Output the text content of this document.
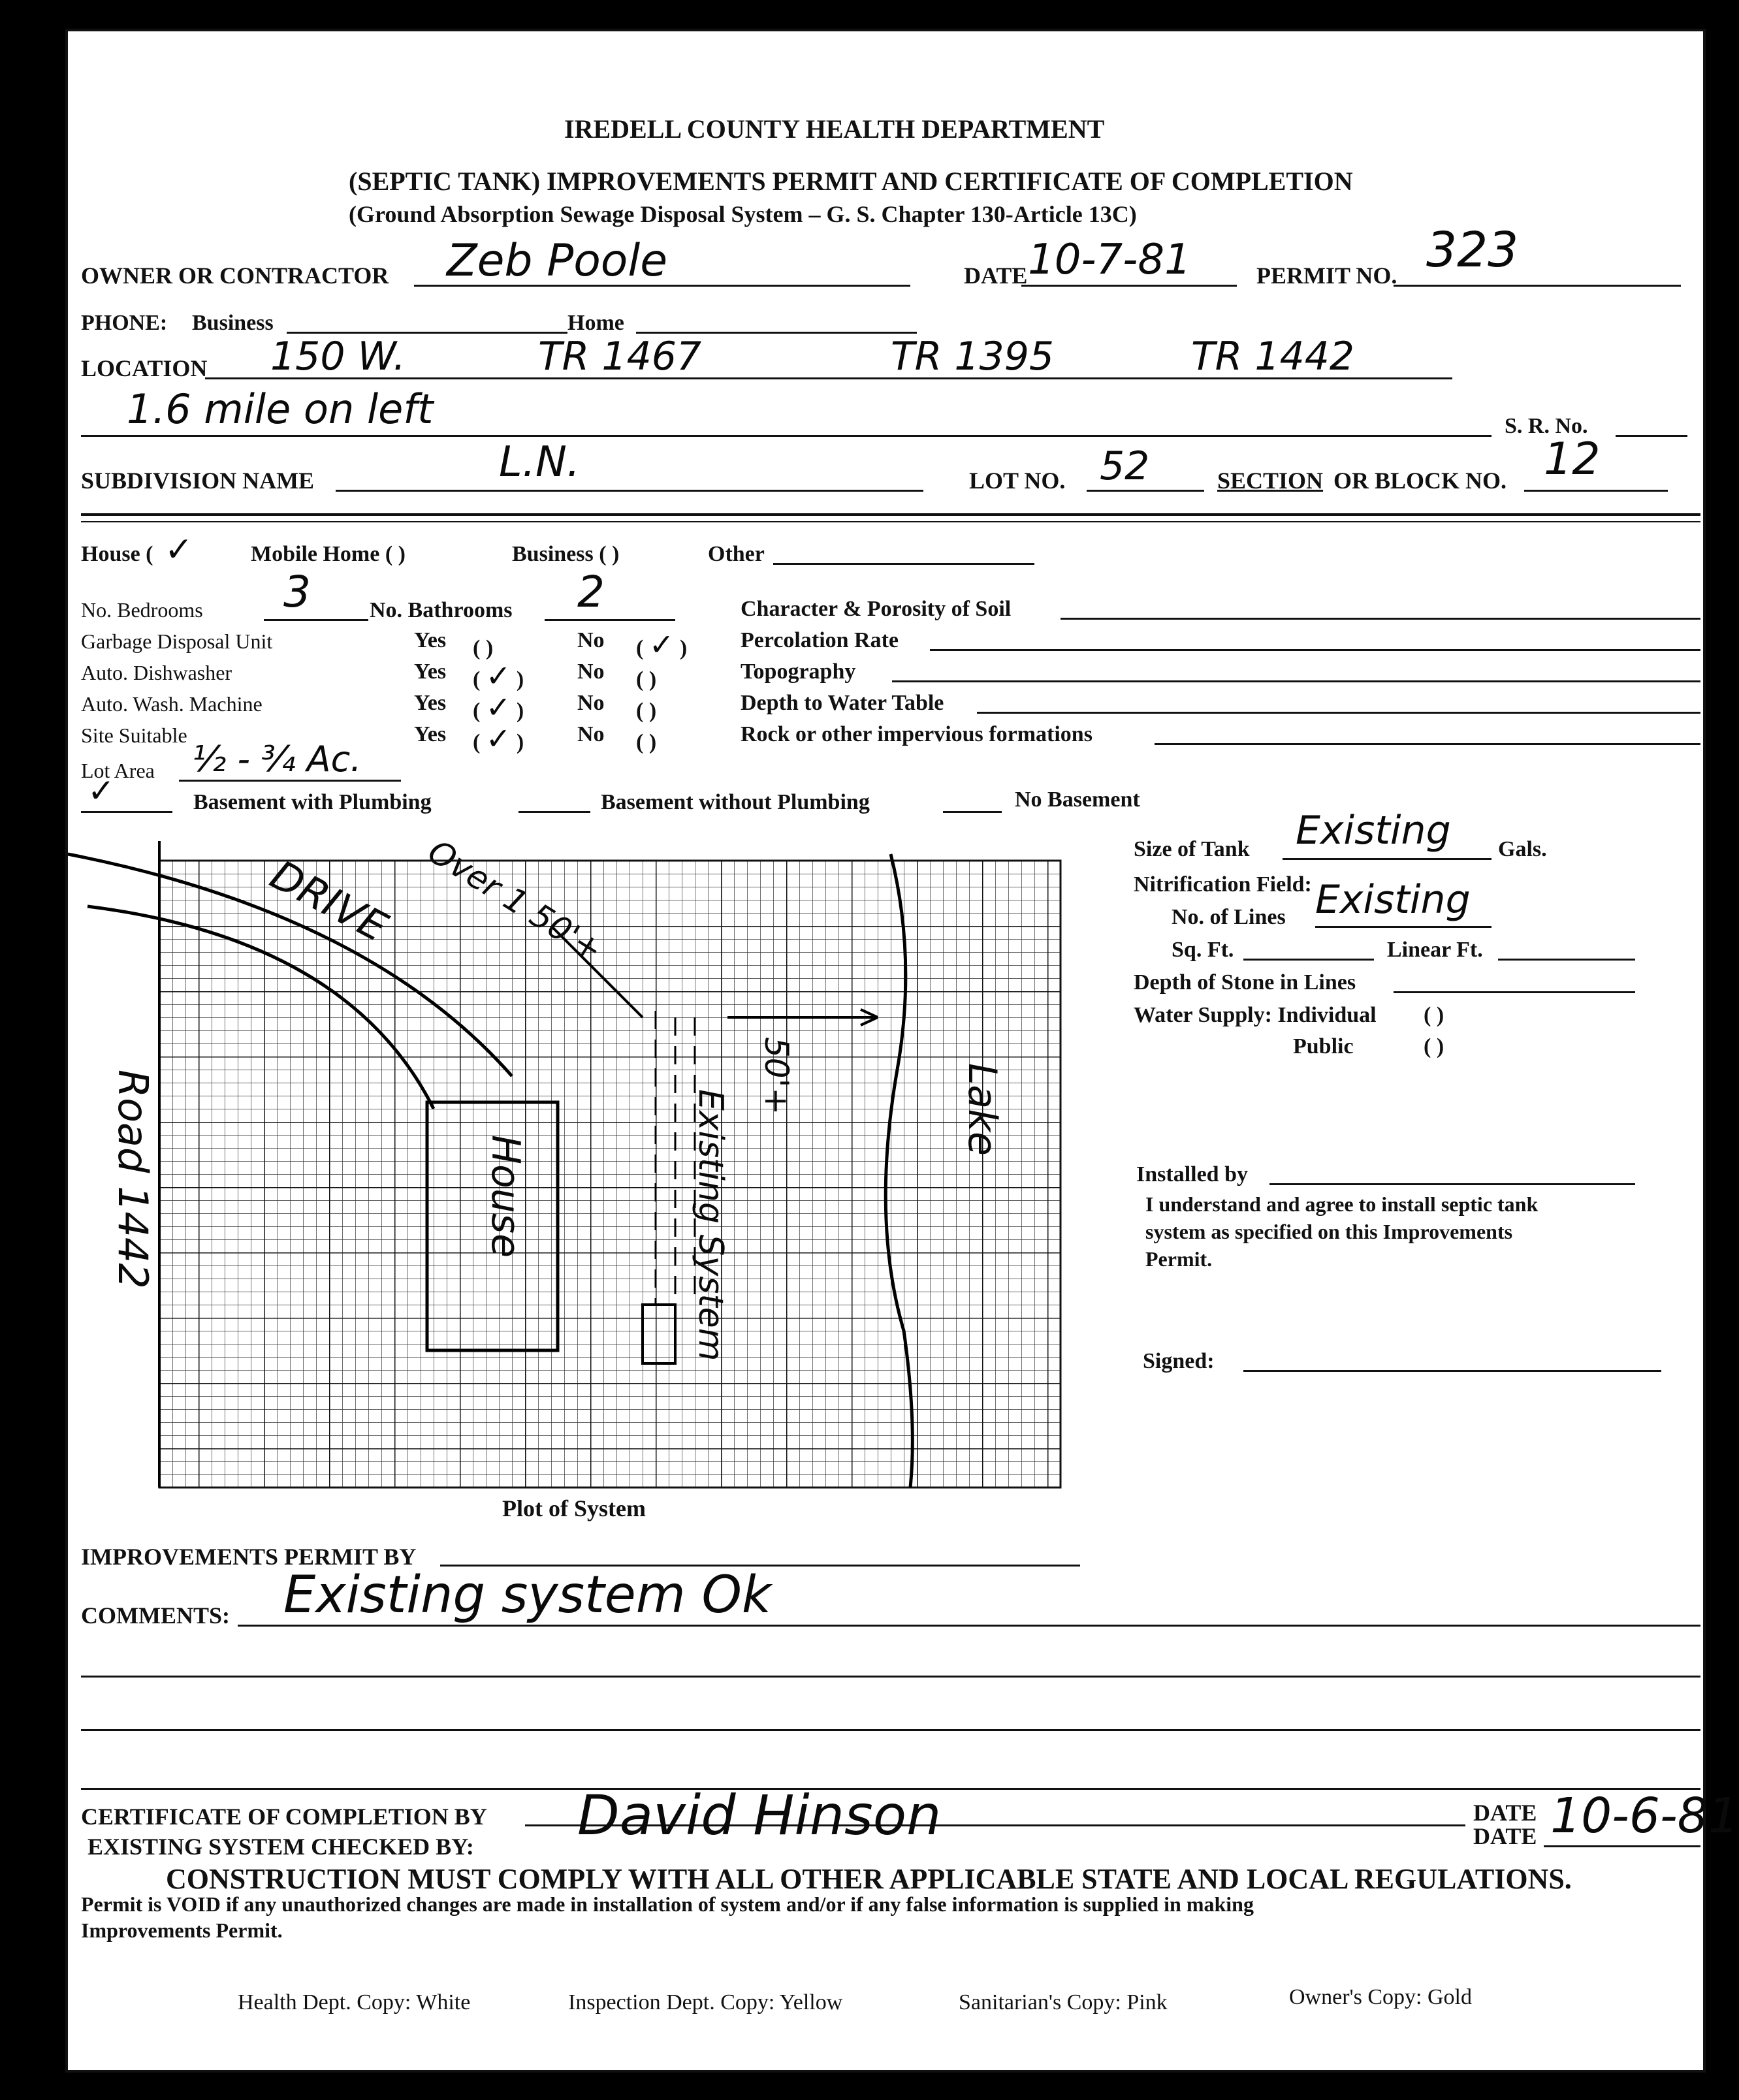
IREDELL COUNTY HEALTH DEPARTMENT
(SEPTIC TANK) IMPROVEMENTS PERMIT AND CERTIFICATE OF COMPLETION
(Ground Absorption Sewage Disposal System – G. S. Chapter 130-Article 13C)
OWNER OR CONTRACTOR Zeb Poole	DATE 10-7-81	PERMIT NO. 323
PHONE: Business	Home
LOCATION 150 W.	TR 1467	TR 1395	TR 1442
1.6 mile on left	S. R. No.
SUBDIVISION NAME	L.N.	LOT NO. 52	SECTION OR BLOCK NO. 12
House ( ✓	Mobile Home ( )	Business ( )	Other
No. Bedrooms 3	No. Bathrooms 2
Garbage Disposal Unit	Yes ( )	No ( ✓ )
Auto. Dishwasher	Yes ( ✓ ) No ( )
Auto. Wash. Machine	Yes ( ✓ ) No ( )
Site Suitable	Yes ( ✓ ) No ( )
Character & Porosity of Soil
Percolation Rate
Topography
Depth to Water Table
Rock or other impervious formations
Lot Area ½ - ¾ Ac.
✓	Basement with Plumbing	Basement without Plumbing	No Basement
DRIVE Over 1 50'+
50'+
House	Existing System	Lake
Road 1442
Plot of System
Size of Tank Existing Gals.
Nitrification Field:
No. of Lines Existing
Sq. Ft.	Linear Ft.
Depth of Stone in Lines
Water Supply: Individual ( )
Public	( )
Installed by
I understand and agree to install septic tank
system as specified on this Improvements
Permit.
Signed:
IMPROVEMENTS PERMIT BY
COMMENTS: Existing system Ok
CERTIFICATE OF COMPLETION BY
EXISTING SYSTEM CHECKED BY: David Hinson	DATE
DATE 10-6-81
CONSTRUCTION MUST COMPLY WITH ALL OTHER APPLICABLE STATE AND LOCAL REGULATIONS.
Permit is VOID if any unauthorized changes are made in installation of system and/or if any false information is supplied in making
Improvements Permit.
Health Dept. Copy: White	Inspection Dept. Copy: Yellow	Sanitarian's Copy: Pink	Owner's Copy: Gold
